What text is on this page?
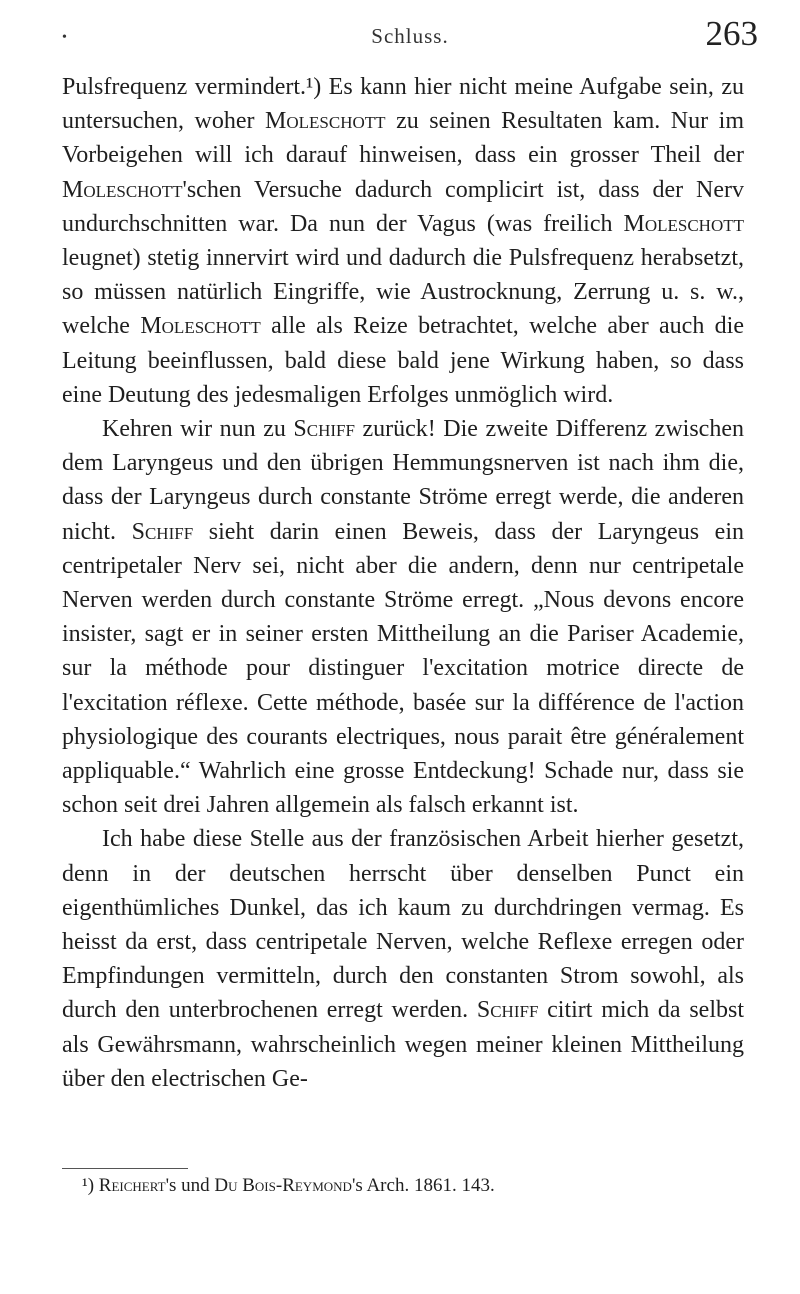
•	Schluss.	263

Pulsfrequenz vermindert.¹) Es kann hier nicht meine Aufgabe sein, zu untersuchen, woher Moleschott zu seinen Resultaten kam. Nur im Vorbeigehen will ich darauf hinweisen, dass ein grosser Theil der Moleschott'schen Versuche dadurch complicirt ist, dass der Nerv undurchschnitten war. Da nun der Vagus (was freilich Moleschott leugnet) stetig innervirt wird und dadurch die Pulsfrequenz herabsetzt, so müssen natürlich Eingriffe, wie Austrocknung, Zerrung u. s. w., welche Moleschott alle als Reize betrachtet, welche aber auch die Leitung beeinflussen, bald diese bald jene Wirkung haben, so dass eine Deutung des jedesmaligen Erfolges unmöglich wird.

Kehren wir nun zu Schiff zurück! Die zweite Differenz zwischen dem Laryngeus und den übrigen Hemmungsnerven ist nach ihm die, dass der Laryngeus durch constante Ströme erregt werde, die anderen nicht. Schiff sieht darin einen Beweis, dass der Laryngeus ein centripetaler Nerv sei, nicht aber die andern, denn nur centripetale Nerven werden durch constante Ströme erregt. „Nous devons encore insister, sagt er in seiner ersten Mittheilung an die Pariser Academie, sur la méthode pour distinguer l'excitation motrice directe de l'excitation réflexe. Cette méthode, basée sur la différence de l'action physiologique des courants electriques, nous parait être généralement appliquable.“ Wahrlich eine grosse Entdeckung! Schade nur, dass sie schon seit drei Jahren allgemein als falsch erkannt ist.

Ich habe diese Stelle aus der französischen Arbeit hierher gesetzt, denn in der deutschen herrscht über denselben Punct ein eigenthümliches Dunkel, das ich kaum zu durchdringen vermag. Es heisst da erst, dass centripetale Nerven, welche Reflexe erregen oder Empfindungen vermitteln, durch den constanten Strom sowohl, als durch den unterbrochenen erregt werden. Schiff citirt mich da selbst als Gewährsmann, wahrscheinlich wegen meiner kleinen Mittheilung über den electrischen Ge-

¹) Reichert's und Du Bois-Reymond's Arch. 1861. 143.
